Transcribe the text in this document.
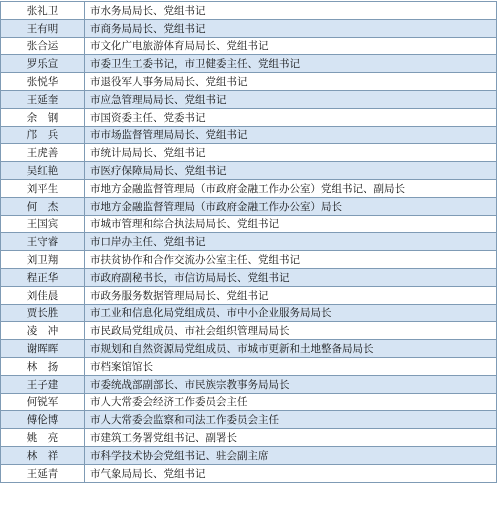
张礼卫	市水务局局长、党组书记
王有明	市商务局局长、党组书记
张合运	市文化广电旅游体育局局长、党组书记
罗乐宣	市委卫生工委书记，市卫健委主任、党组书记
张悦华	市退役军人事务局局长、党组书记
王延奎	市应急管理局局长、党组书记
余　钢	市国资委主任、党委书记
邝　兵	市市场监督管理局局长、党组书记
王虎善	市统计局局长、党组书记
吴红艳	市医疗保障局局长、党组书记
刘平生	市地方金融监督管理局（市政府金融工作办公室）党组书记、副局长
何　杰	市地方金融监督管理局（市政府金融工作办公室）局长
王国宾	市城市管理和综合执法局局长、党组书记
王守睿	市口岸办主任、党组书记
刘卫翔	市扶贫协作和合作交流办公室主任、党组书记
程正华	市政府副秘书长，市信访局局长、党组书记
刘佳晨	市政务服务数据管理局局长、党组书记
贾长胜	市工业和信息化局党组成员、市中小企业服务局局长
凌　冲	市民政局党组成员、市社会组织管理局局长
谢晖晖	市规划和自然资源局党组成员、市城市更新和土地整备局局长
林　扬	市档案馆馆长
王子建	市委统战部副部长、市民族宗教事务局局长
何锐军	市人大常委会经济工作委员会主任
傅伦博	市人大常委会监察和司法工作委员会主任
姚　亮	市建筑工务署党组书记、副署长
林　祥	市科学技术协会党组书记、驻会副主席
王延青	市气象局局长、党组书记
